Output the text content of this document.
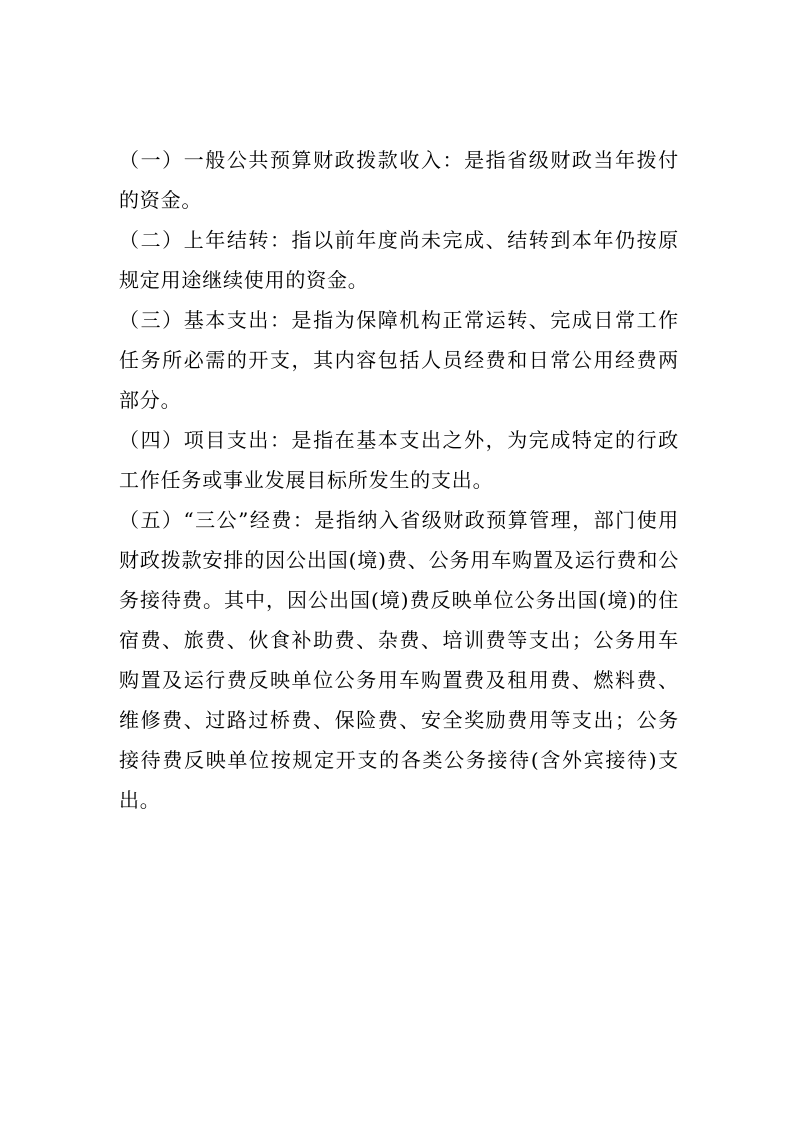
（一）一般公共预算财政拨款收入：是指省级财政当年拨付的资金。

（二）上年结转：指以前年度尚未完成、结转到本年仍按原规定用途继续使用的资金。

（三）基本支出：是指为保障机构正常运转、完成日常工作任务所必需的开支，其内容包括人员经费和日常公用经费两部分。

（四）项目支出：是指在基本支出之外，为完成特定的行政工作任务或事业发展目标所发生的支出。

（五）“三公”经费：是指纳入省级财政预算管理，部门使用财政拨款安排的因公出国(境)费、公务用车购置及运行费和公务接待费。其中，因公出国(境)费反映单位公务出国(境)的住宿费、旅费、伙食补助费、杂费、培训费等支出；公务用车购置及运行费反映单位公务用车购置费及租用费、燃料费、维修费、过路过桥费、保险费、安全奖励费用等支出；公务接待费反映单位按规定开支的各类公务接待(含外宾接待)支出。
